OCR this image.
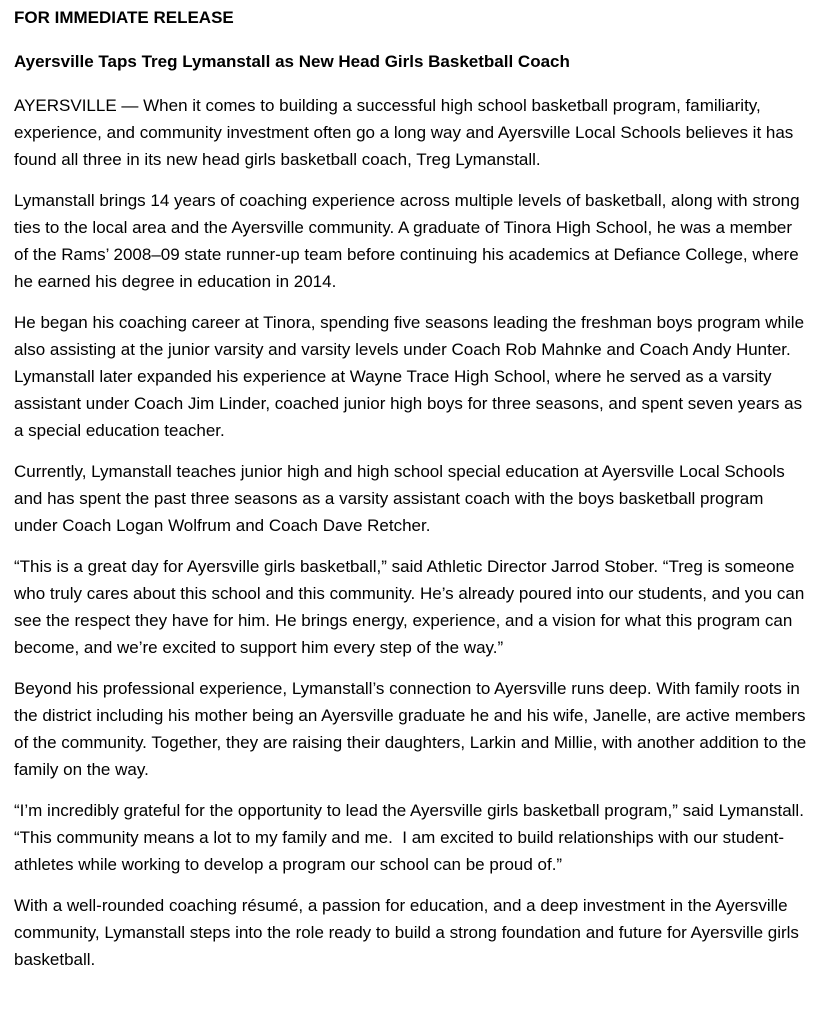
FOR IMMEDIATE RELEASE

Ayersville Taps Treg Lymanstall as New Head Girls Basketball Coach

AYERSVILLE — When it comes to building a successful high school basketball program, familiarity, experience, and community investment often go a long way and Ayersville Local Schools believes it has found all three in its new head girls basketball coach, Treg Lymanstall.

Lymanstall brings 14 years of coaching experience across multiple levels of basketball, along with strong ties to the local area and the Ayersville community. A graduate of Tinora High School, he was a member of the Rams’ 2008–09 state runner-up team before continuing his academics at Defiance College, where he earned his degree in education in 2014.

He began his coaching career at Tinora, spending five seasons leading the freshman boys program while also assisting at the junior varsity and varsity levels under Coach Rob Mahnke and Coach Andy Hunter. Lymanstall later expanded his experience at Wayne Trace High School, where he served as a varsity assistant under Coach Jim Linder, coached junior high boys for three seasons, and spent seven years as a special education teacher.

Currently, Lymanstall teaches junior high and high school special education at Ayersville Local Schools and has spent the past three seasons as a varsity assistant coach with the boys basketball program under Coach Logan Wolfrum and Coach Dave Retcher.

“This is a great day for Ayersville girls basketball,” said Athletic Director Jarrod Stober. “Treg is someone who truly cares about this school and this community. He’s already poured into our students, and you can see the respect they have for him. He brings energy, experience, and a vision for what this program can become, and we’re excited to support him every step of the way.”

Beyond his professional experience, Lymanstall’s connection to Ayersville runs deep. With family roots in the district including his mother being an Ayersville graduate he and his wife, Janelle, are active members of the community. Together, they are raising their daughters, Larkin and Millie, with another addition to the family on the way.

“I’m incredibly grateful for the opportunity to lead the Ayersville girls basketball program,” said Lymanstall. “This community means a lot to my family and me.  I am excited to build relationships with our student-athletes while working to develop a program our school can be proud of.”

With a well-rounded coaching résumé, a passion for education, and a deep investment in the Ayersville community, Lymanstall steps into the role ready to build a strong foundation and future for Ayersville girls basketball.
